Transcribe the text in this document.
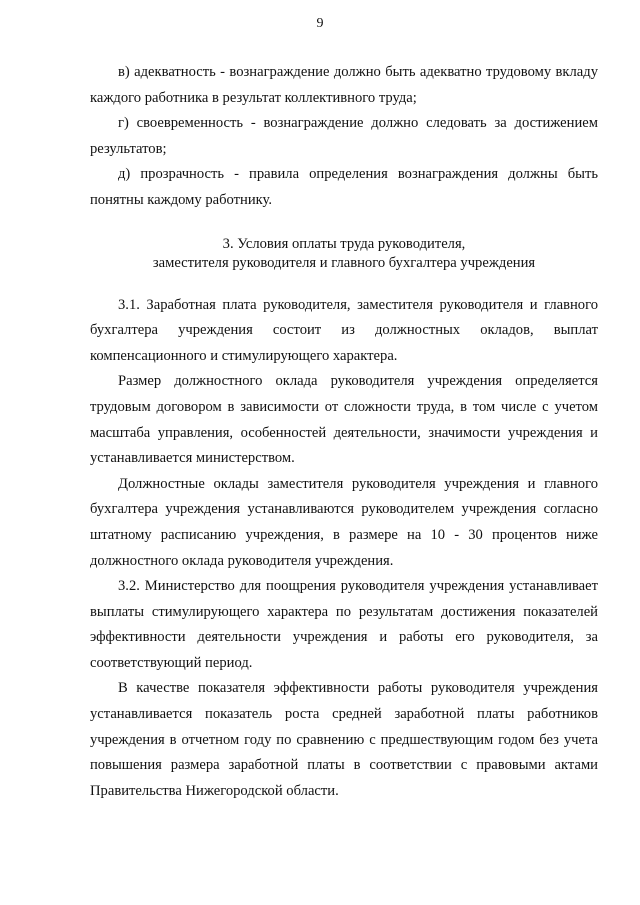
9

в) адекватность - вознаграждение должно быть адекватно трудовому вкладу каждого работника в результат коллективного труда;

г) своевременность - вознаграждение должно следовать за достижением результатов;

д) прозрачность - правила определения вознаграждения должны быть понятны каждому работнику.

3. Условия оплаты труда руководителя,
заместителя руководителя и главного бухгалтера учреждения

3.1. Заработная плата руководителя, заместителя руководителя и главного бухгалтера учреждения состоит из должностных окладов, выплат компенсационного и стимулирующего характера.

Размер должностного оклада руководителя учреждения определяется трудовым договором в зависимости от сложности труда, в том числе с учетом масштаба управления, особенностей деятельности, значимости учреждения и устанавливается министерством.

Должностные оклады заместителя руководителя учреждения и главного бухгалтера учреждения устанавливаются руководителем учреждения согласно штатному расписанию учреждения, в размере на 10 - 30 процентов ниже должностного оклада руководителя учреждения.

3.2. Министерство для поощрения руководителя учреждения устанавливает выплаты стимулирующего характера по результатам достижения показателей эффективности деятельности учреждения и работы его руководителя, за соответствующий период.

В качестве показателя эффективности работы руководителя учреждения устанавливается показатель роста средней заработной платы работников учреждения в отчетном году по сравнению с предшествующим годом без учета повышения размера заработной платы в соответствии с правовыми актами Правительства Нижегородской области.
